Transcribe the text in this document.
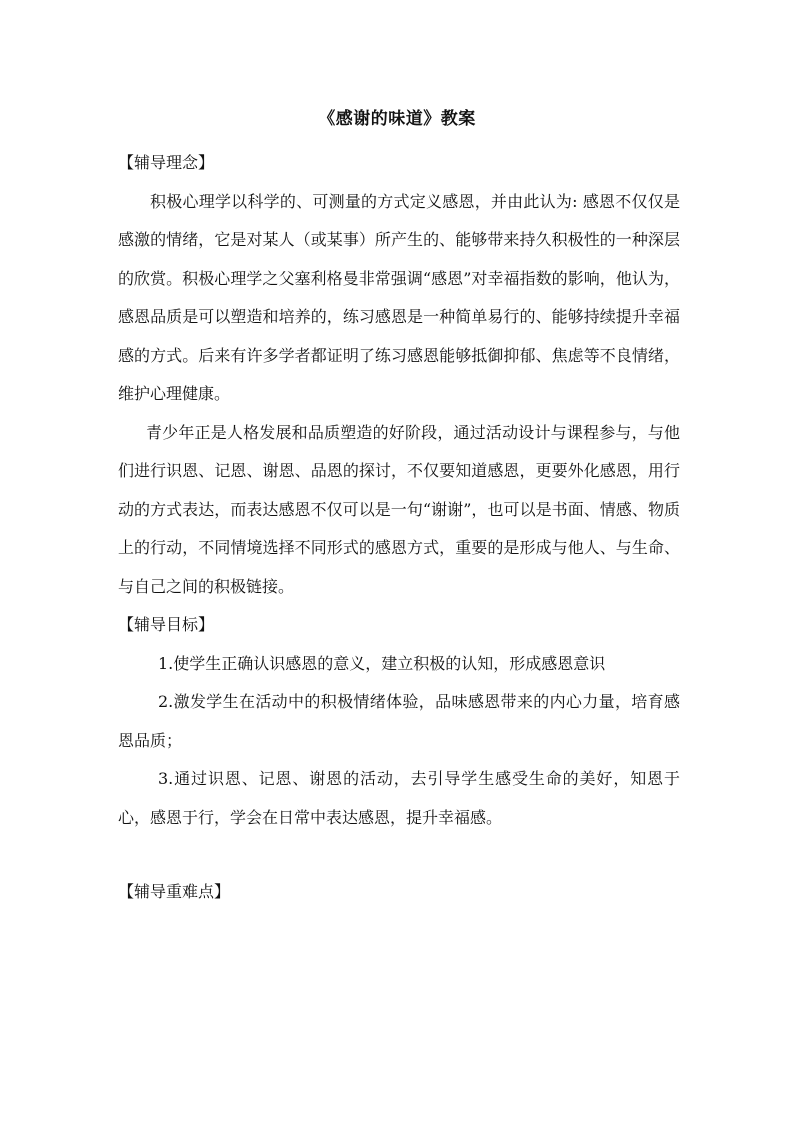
《感谢的味道》教案

【辅导理念】

积极心理学以科学的、可测量的方式定义感恩，并由此认为: 感恩不仅仅是感激的情绪，它是对某人（或某事）所产生的、能够带来持久积极性的一种深层的欣赏。积极心理学之父塞利格曼非常强调“感恩”对幸福指数的影响，他认为，感恩品质是可以塑造和培养的，练习感恩是一种简单易行的、能够持续提升幸福感的方式。后来有许多学者都证明了练习感恩能够抵御抑郁、焦虑等不良情绪，维护心理健康。

青少年正是人格发展和品质塑造的好阶段，通过活动设计与课程参与，与他们进行识恩、记恩、谢恩、品恩的探讨，不仅要知道感恩，更要外化感恩，用行动的方式表达，而表达感恩不仅可以是一句“谢谢”，也可以是书面、情感、物质上的行动，不同情境选择不同形式的感恩方式，重要的是形成与他人、与生命、与自己之间的积极链接。

【辅导目标】

1.使学生正确认识感恩的意义，建立积极的认知，形成感恩意识

2.激发学生在活动中的积极情绪体验，品味感恩带来的内心力量，培育感恩品质；

3.通过识恩、记恩、谢恩的活动，去引导学生感受生命的美好，知恩于心，感恩于行，学会在日常中表达感恩，提升幸福感。

【辅导重难点】
